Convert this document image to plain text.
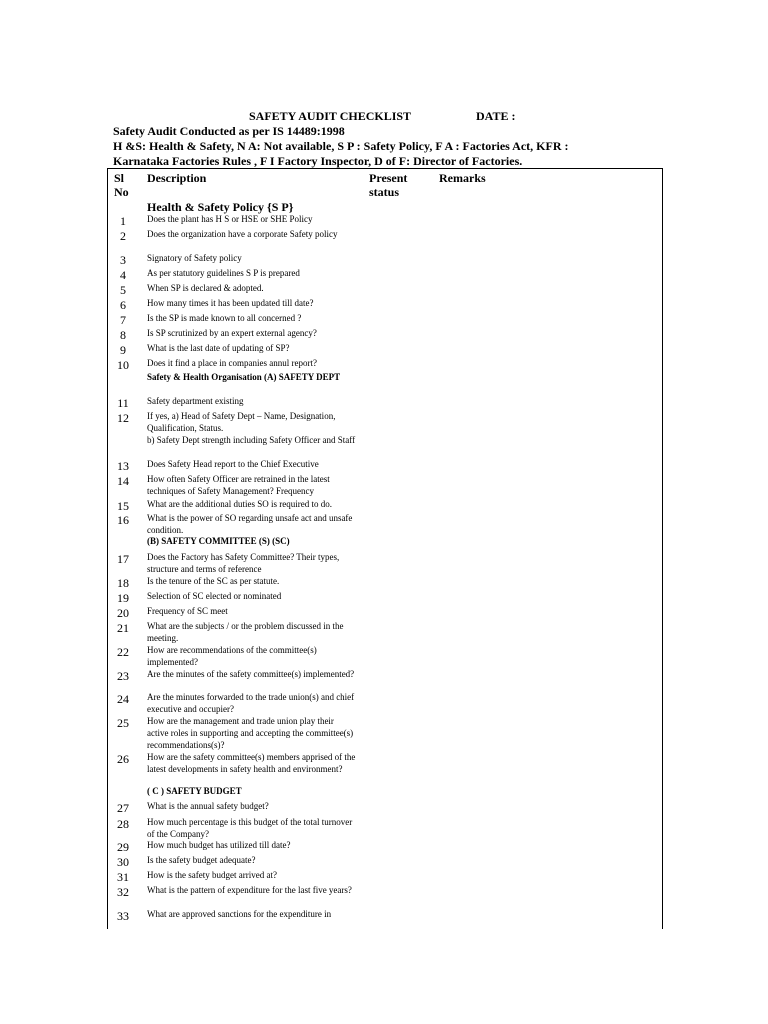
SAFETY AUDIT CHECKLIST	DATE :
Safety Audit Conducted as per IS 14489:1998
H &S: Health & Safety, N A: Not available, S P : Safety Policy, F A : Factories Act, KFR :
Karnataka Factories Rules , F I Factory Inspector, D of F: Director of Factories.
Sl
No
Description	Present
status
Remarks
Health & Safety Policy {S P}
1	Does the plant has H S or HSE or SHE Policy
2	Does the organization have a corporate Safety policy
3	Signatory of Safety policy
4	As per statutory guidelines S P is prepared
5	When SP is declared & adopted.
6	How many times it has been updated till date?
7	Is the SP is made known to all concerned ?
8	Is SP scrutinized by an expert external agency?
9	What is the last date of updating of SP?
10	Does it find a place in companies annul report?
Safety & Health Organisation (A) SAFETY DEPT
11	Safety department existing
12	If yes, a) Head of Safety Dept – Name, Designation, Qualification, Status.
b) Safety Dept strength including Safety Officer and Staff
13	Does Safety Head report to the Chief Executive
14	How often Safety Officer are retrained in the latest techniques of Safety Management? Frequency
15	What are the additional duties SO is required to do.
16	What is the power of SO regarding unsafe act and unsafe condition.
(B) SAFETY COMMITTEE (S) (SC)
17	Does the Factory has Safety Committee? Their types, structure and terms of reference
18	Is the tenure of the SC as per statute.
19	Selection of SC elected or nominated
20	Frequency of SC meet
21	What are the subjects / or the problem discussed in the meeting.
22	How are recommendations of the committee(s) implemented?
23	Are the minutes of the safety committee(s) implemented?
24	Are the minutes forwarded to the trade union(s) and chief executive and occupier?
25	How are the management and trade union play their active roles in supporting and accepting the committee(s) recommendations(s)?
26	How are the safety committee(s) members apprised of the latest developments in safety health and environment?
( C ) SAFETY BUDGET
27	What is the annual safety budget?
28	How much percentage is this budget of the total turnover of the Company?
29	How much budget has utilized till date?
30	Is the safety budget adequate?
31	How is the safety budget arrived at?
32	What is the pattern of expenditure for the last five years?
33	What are approved sanctions for the expenditure in
